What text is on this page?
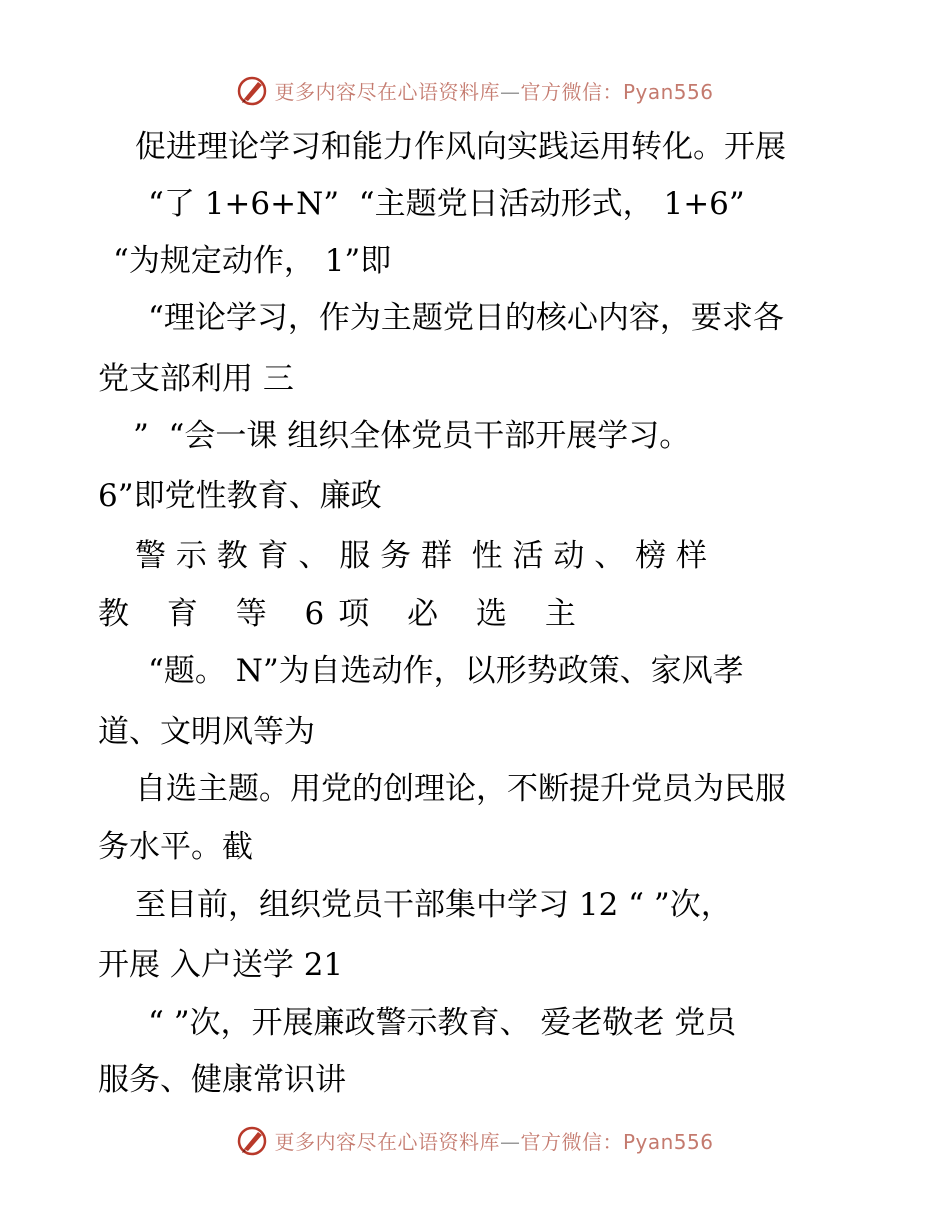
更多内容尽在心语资料库—官方微信：Pyan556
促进理论学习和能力作风向实践运用转化。开展
“了 1+6+N”  “主题党日活动形式， 1+6”
“为规定动作， 1”即
“理论学习，作为主题党日的核心内容，要求各
党支部利用 三
”  “会一课 组织全体党员干部开展学习。
6”即党性教育、廉政
警 示 教 育 、 服 务 群  性 活 动 、 榜 样
教 育 等 6项 必 选 主
“题。 N”为自选动作，以形势政策、家风孝
道、文明风等为
自选主题。用党的创理论，不断提升党员为民服
务水平。截
至目前，组织党员干部集中学习 12 “ ”次，
开展 入户送学 21
“ ”次，开展廉政警示教育、 爱老敬老 党员
服务、健康常识讲
更多内容尽在心语资料库—官方微信：Pyan556
